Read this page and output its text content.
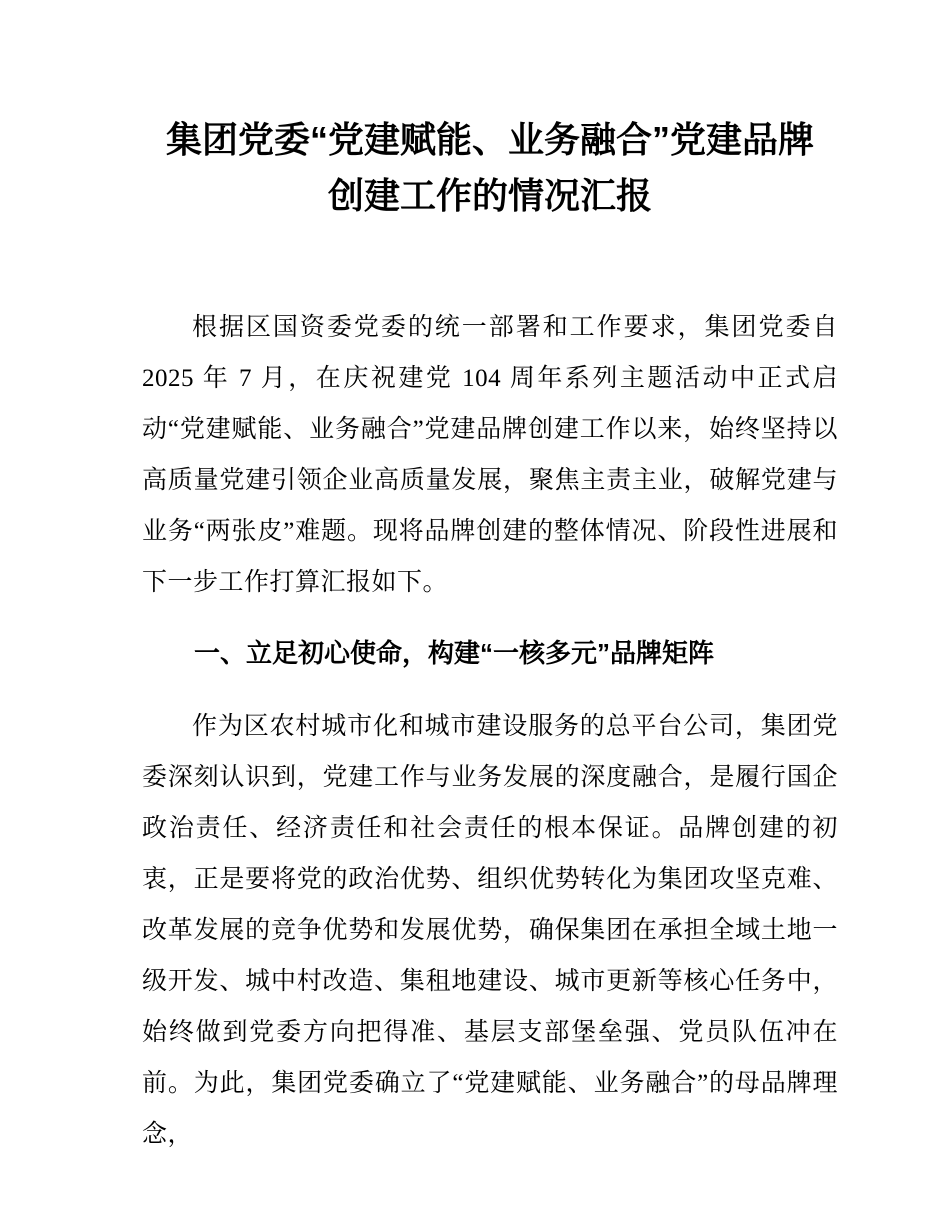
集团党委“党建赋能、业务融合”党建品牌
创建工作的情况汇报

根据区国资委党委的统一部署和工作要求，集团党委自 2025 年 7 月，在庆祝建党 104 周年系列主题活动中正式启动“党建赋能、业务融合”党建品牌创建工作以来，始终坚持以高质量党建引领企业高质量发展，聚焦主责主业，破解党建与业务“两张皮”难题。现将品牌创建的整体情况、阶段性进展和下一步工作打算汇报如下。

一、立足初心使命，构建“一核多元”品牌矩阵

作为区农村城市化和城市建设服务的总平台公司，集团党委深刻认识到，党建工作与业务发展的深度融合，是履行国企政治责任、经济责任和社会责任的根本保证。品牌创建的初衷，正是要将党的政治优势、组织优势转化为集团攻坚克难、改革发展的竞争优势和发展优势，确保集团在承担全域土地一级开发、城中村改造、集租地建设、城市更新等核心任务中，始终做到党委方向把得准、基层支部堡垒强、党员队伍冲在前。为此，集团党委确立了“党建赋能、业务融合”的母品牌理念，
